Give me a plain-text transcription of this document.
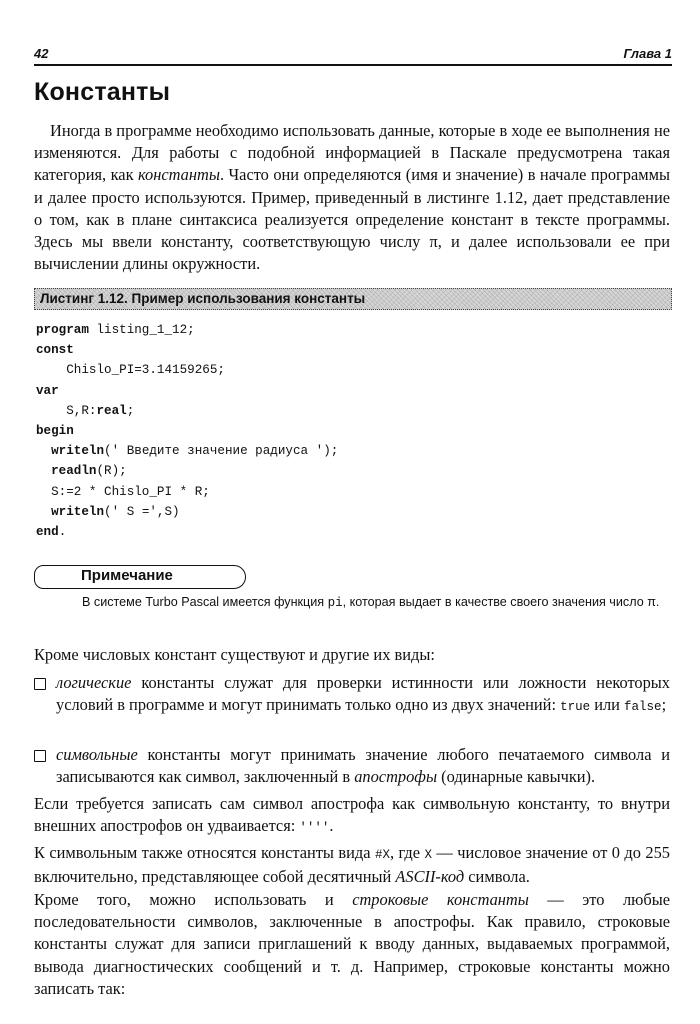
42	Глава 1
Константы

Иногда в программе необходимо использовать данные, которые в ходе ее выполнения не изменяются. Для работы с подобной информацией в Паскале предусмотрена такая категория, как константы. Часто они определяются (имя и значение) в начале программы и далее просто используются. Пример, приведенный в листинге 1.12, дает представление о том, как в плане синтаксиса реализуется определение констант в тексте программы. Здесь мы ввели константу, соответствующую числу π, и далее использовали ее при вычислении длины окружности.

Листинг 1.12. Пример использования константы
program listing_1_12;
const
Chislo_PI=3.14159265;
var
S,R:real;
begin
writeln(' Введите значение радиуса ');
readln(R);
S:=2 * Chislo_PI * R;
writeln(' S =',S)
end.
Примечание

В системе Turbo Pascal имеется функция pi, которая выдает в качестве своего значения число π.

Кроме числовых констант существуют и другие их виды:

логические константы служат для проверки истинности или ложности некоторых условий в программе и могут принимать только одно из двух значений: true или false;
символьные константы могут принимать значение любого печатаемого символа и записываются как символ, заключенный в апострофы (одинарные кавычки).

Если требуется записать сам символ апострофа как символьную константу, то внутри внешних апострофов он удваивается: ''''.

К символьным также относятся константы вида #X, где X — числовое значение от 0 до 255 включительно, представляющее собой десятичный ASCII-код символа.

Кроме того, можно использовать и строковые константы — это любые последовательности символов, заключенные в апострофы. Как правило, строковые константы служат для записи приглашений к вводу данных, выдаваемых программой, вывода диагностических сообщений и т. д. Например, строковые константы можно записать так:
